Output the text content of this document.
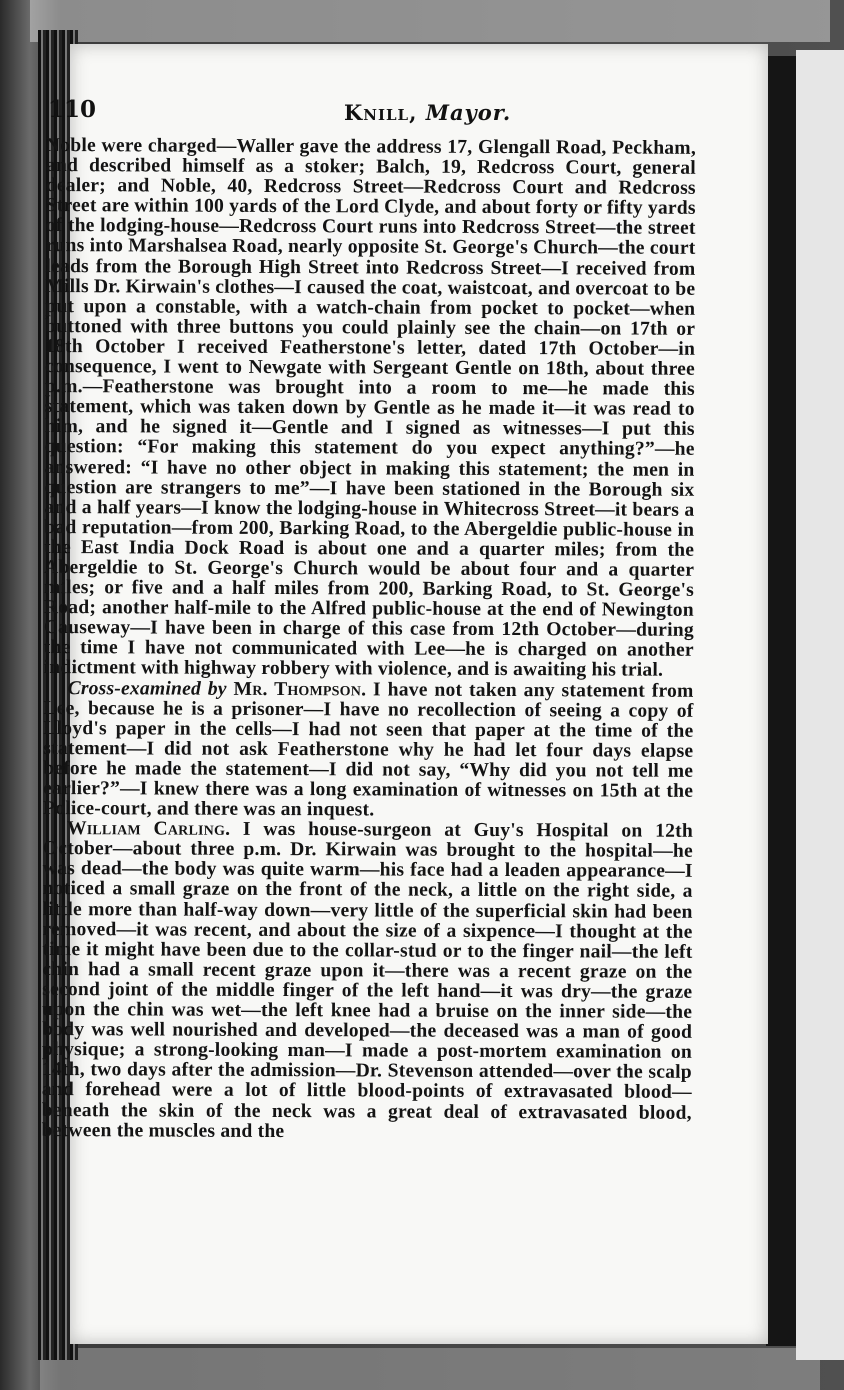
110	Knill, Mayor.

Noble were charged—Waller gave the address 17, Glengall Road, Peckham, and described himself as a stoker; Balch, 19, Redcross Court, general dealer; and Noble, 40, Redcross Street—Redcross Court and Redcross Street are within 100 yards of the Lord Clyde, and about forty or fifty yards of the lodging-house—Redcross Court runs into Redcross Street—the street runs into Marshalsea Road, nearly opposite St. George's Church—the court leads from the Borough High Street into Redcross Street—I received from Mills Dr. Kirwain's clothes—I caused the coat, waistcoat, and overcoat to be put upon a constable, with a watch-chain from pocket to pocket—when buttoned with three buttons you could plainly see the chain—on 17th or 18th October I received Featherstone's letter, dated 17th October—in consequence, I went to Newgate with Sergeant Gentle on 18th, about three p.m.—Featherstone was brought into a room to me—he made this statement, which was taken down by Gentle as he made it—it was read to him, and he signed it—Gentle and I signed as witnesses—I put this question: “For making this statement do you expect anything?”—he answered: “I have no other object in making this statement; the men in question are strangers to me”—I have been stationed in the Borough six and a half years—I know the lodging-house in Whitecross Street—it bears a bad reputation—from 200, Barking Road, to the Abergeldie public-house in the East India Dock Road is about one and a quarter miles; from the Abergeldie to St. George's Church would be about four and a quarter miles; or five and a half miles from 200, Barking Road, to St. George's Road; another half-mile to the Alfred public-house at the end of Newington Causeway—I have been in charge of this case from 12th October—during the time I have not communicated with Lee—he is charged on another indictment with highway robbery with violence, and is awaiting his trial.

Cross-examined by Mr. Thompson. I have not taken any statement from Lee, because he is a prisoner—I have no recollection of seeing a copy of Lloyd's paper in the cells—I had not seen that paper at the time of the statement—I did not ask Featherstone why he had let four days elapse before he made the statement—I did not say, “Why did you not tell me earlier?”—I knew there was a long examination of witnesses on 15th at the Police-court, and there was an inquest.

William Carling. I was house-surgeon at Guy's Hospital on 12th October—about three p.m. Dr. Kirwain was brought to the hospital—he was dead—the body was quite warm—his face had a leaden appearance—I noticed a small graze on the front of the neck, a little on the right side, a little more than half-way down—very little of the superficial skin had been removed—it was recent, and about the size of a sixpence—I thought at the time it might have been due to the collar-stud or to the finger nail—the left chin had a small recent graze upon it—there was a recent graze on the second joint of the middle finger of the left hand—it was dry—the graze upon the chin was wet—the left knee had a bruise on the inner side—the body was well nourished and developed—the deceased was a man of good physique; a strong-looking man—I made a post-mortem examination on 14th, two days after the admission—Dr. Stevenson attended—over the scalp and forehead were a lot of little blood-points of extravasated blood—beneath the skin of the neck was a great deal of extravasated blood, between the muscles and the
